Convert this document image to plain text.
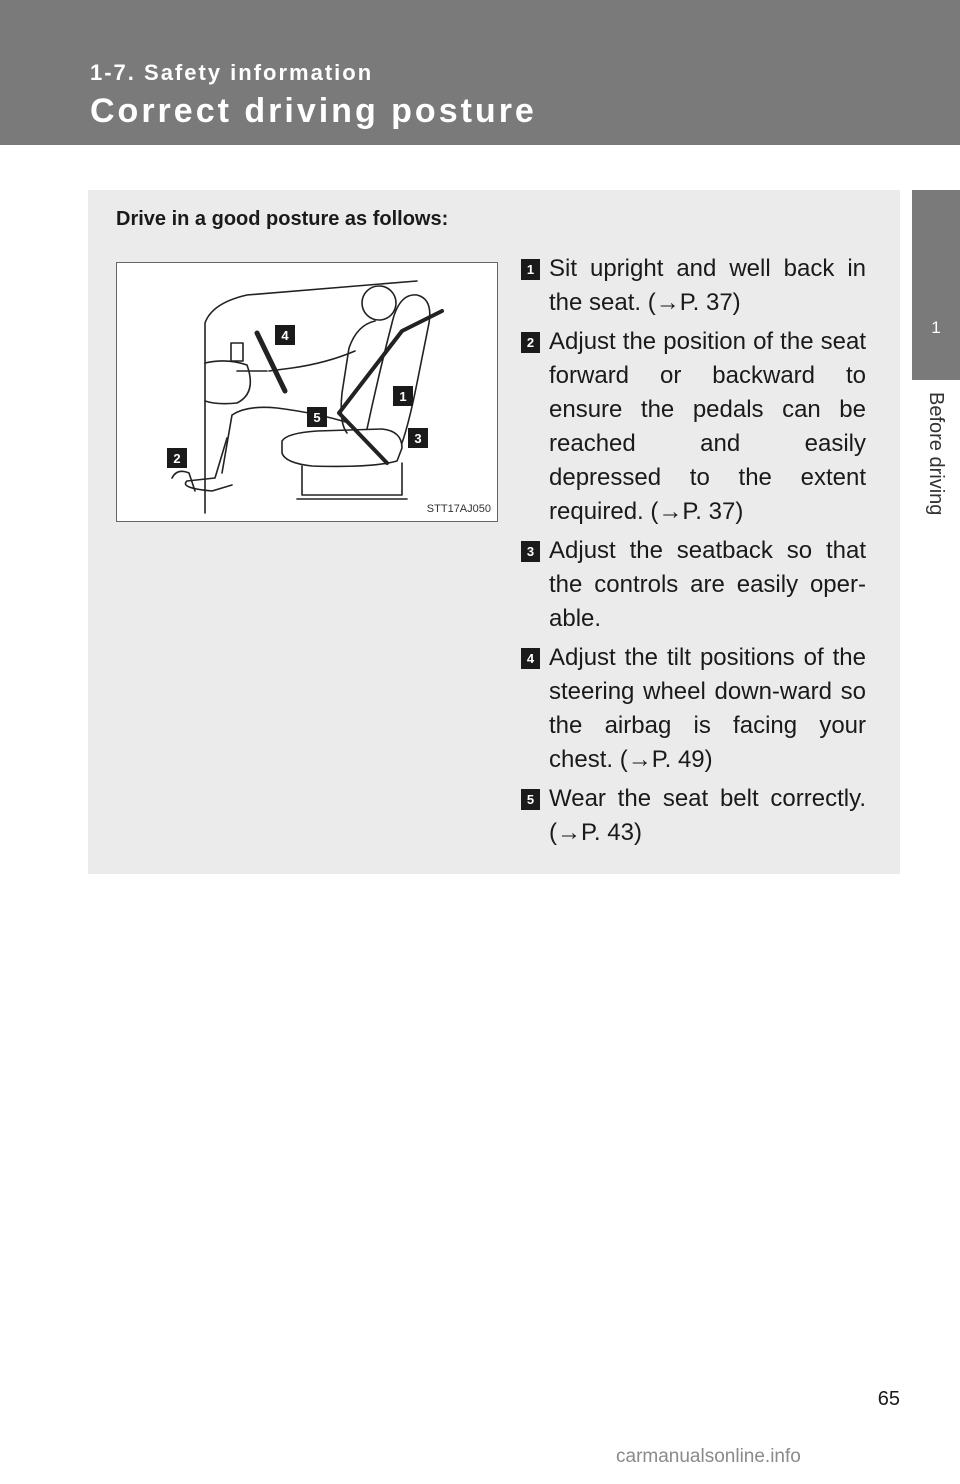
1-7. Safety information
Correct driving posture
1
Before driving
Drive in a good posture as follows:
4
1
5
3
2
STT17AJ050
1 Sit upright and well back in the seat. (→P. 37)
2 Adjust the position of the seat forward or backward to ensure the pedals can be reached and easily depressed to the extent required. (→P. 37)
3 Adjust the seatback so that the controls are easily oper-able.
4 Adjust the tilt positions of the steering wheel down-ward so the airbag is facing your chest. (→P. 49)
5 Wear the seat belt correctly. (→P. 43)
65
carmanualsonline.info
